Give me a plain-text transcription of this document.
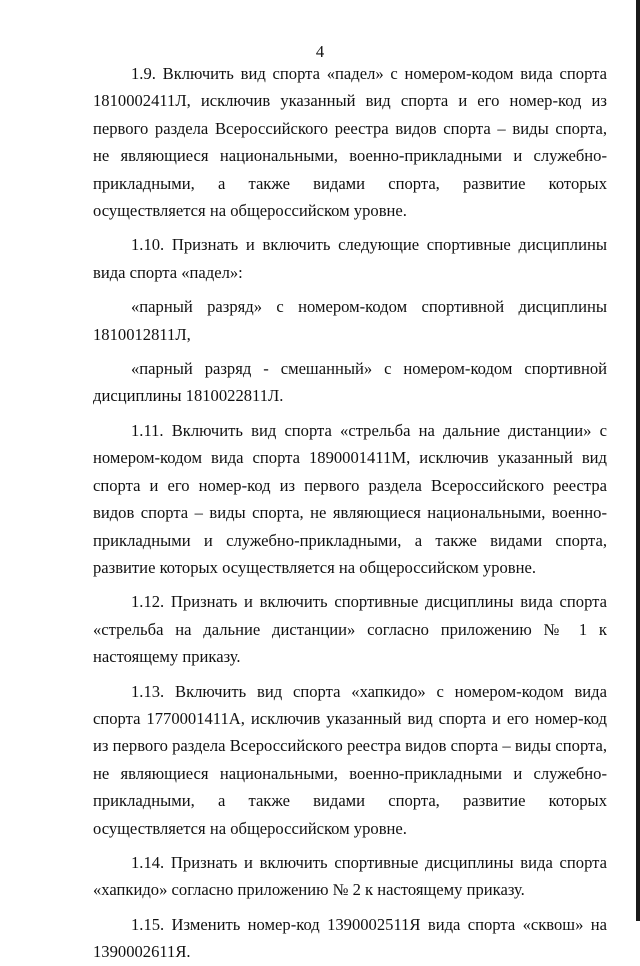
4

1.9. Включить вид спорта «падел» с номером-кодом вида спорта 1810002411Л, исключив указанный вид спорта и его номер-код из первого раздела Всероссийского реестра видов спорта – виды спорта, не являющиеся национальными, военно-прикладными и служебно-прикладными, а также видами спорта, развитие которых осуществляется на общероссийском уровне.

1.10. Признать и включить следующие спортивные дисциплины вида спорта «падел»:

«парный разряд» с номером-кодом спортивной дисциплины

1810012811Л,

«парный разряд - смешанный» с номером-кодом спортивной дисциплины 1810022811Л.

1.11. Включить вид спорта «стрельба на дальние дистанции» с номером-кодом вида спорта 1890001411М, исключив указанный вид спорта и его номер-код из первого раздела Всероссийского реестра видов спорта – виды спорта, не являющиеся национальными, военно-прикладными и служебно-прикладными, а также видами спорта, развитие которых осуществляется на общероссийском уровне.

1.12. Признать и включить спортивные дисциплины вида спорта «стрельба на дальние дистанции» согласно приложению № 1 к настоящему приказу.

1.13. Включить вид спорта «хапкидо» с номером-кодом вида спорта 1770001411А, исключив указанный вид спорта и его номер-код из первого раздела Всероссийского реестра видов спорта – виды спорта, не являющиеся национальными, военно-прикладными и служебно-прикладными, а также видами спорта, развитие которых осуществляется на общероссийском уровне.

1.14. Признать и включить спортивные дисциплины вида спорта «хапкидо» согласно приложению № 2 к настоящему приказу.

1.15. Изменить номер-код 1390002511Я вида спорта «сквош» на 1390002611Я.
